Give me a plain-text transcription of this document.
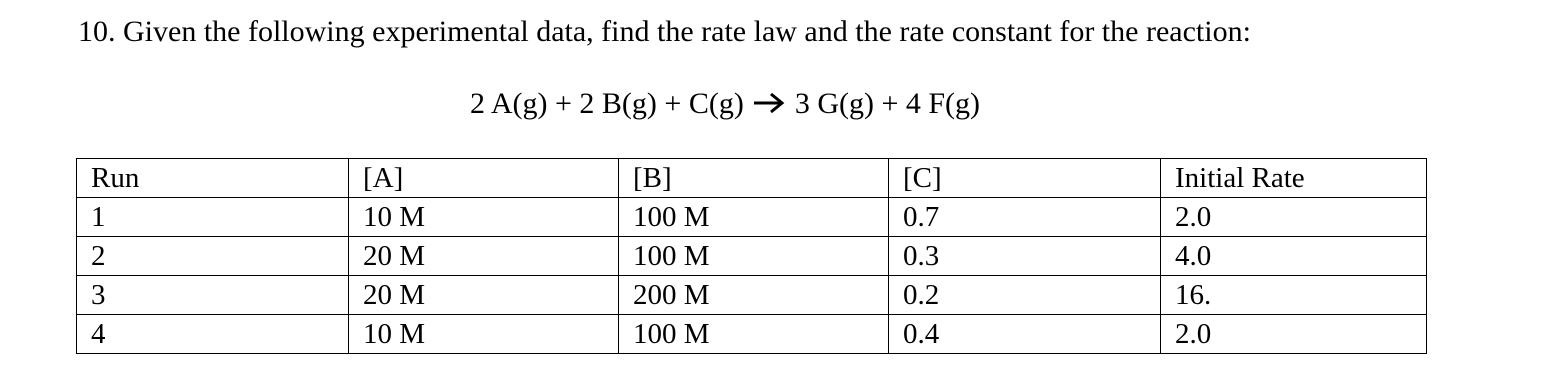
10. Given the following experimental data, find the rate law and the rate constant for the reaction:
2 A(g) + 2 B(g) + C(g) 3 G(g) + 4 F(g)
Run	[A]	[B]	[C]	Initial Rate
1	10 M	100 M	0.7	2.0
2	20 M	100 M	0.3	4.0
3	20 M	200 M	0.2	16.
4	10 M	100 M	0.4	2.0
